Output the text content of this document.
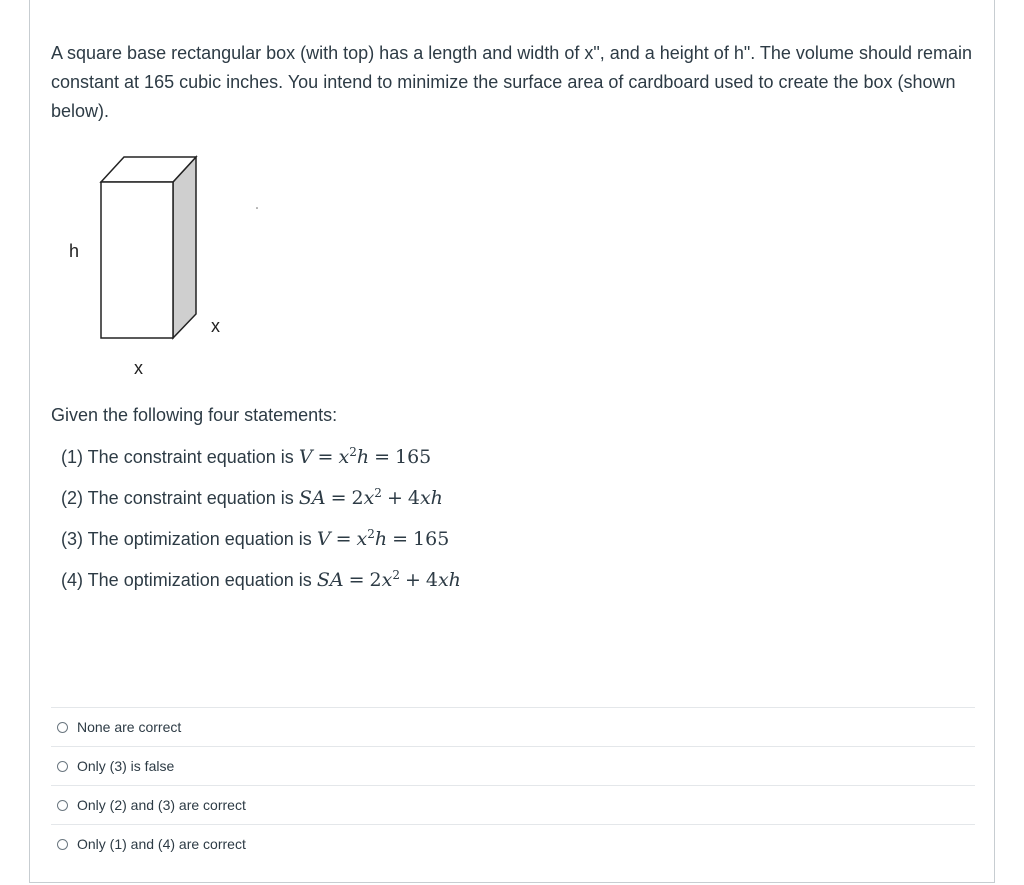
A square base rectangular box (with top) has a length and width of x", and a height of h". The volume should remain constant at 165 cubic inches. You intend to minimize the surface area of cardboard used to create the box (shown below).
h
x
x
Given the following four statements:
(1) The constraint equation is $V = x^2h = 165$
(2) The constraint equation is SA = $2x^2 + 4xh$
(3) The optimization equation is $V = x^2h = 165$
(4) The optimization equation is SA = $2x^2 + 4xh$
None are correct
Only (3) is false
Only (2) and (3) are correct
Only (1) and (4) are correct
